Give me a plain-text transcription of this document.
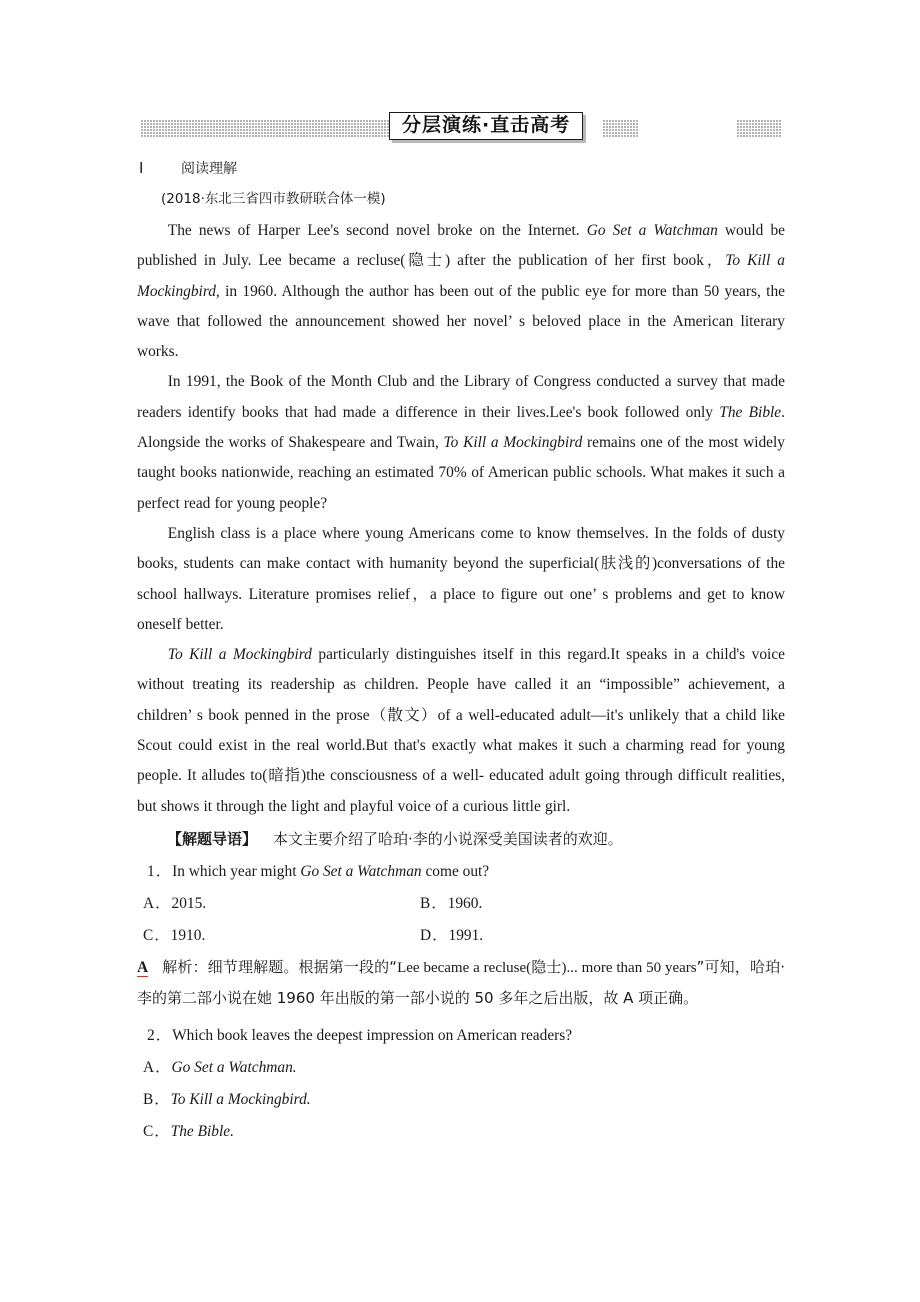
分层演练·直击高考
Ⅰ	阅读理解
(2018·东北三省四市教研联合体一模)

The news of Harper Lee's second novel broke on the Internet. Go Set a Watchman would be published in July. Lee became a recluse(隐士) after the publication of her first book，To Kill a Mockingbird, in 1960. Although the author has been out of the public eye for more than 50 years, the wave that followed the announcement showed her novel’ s beloved place in the American literary works.

In 1991, the Book of the Month Club and the Library of Congress conducted a survey that made readers identify books that had made a difference in their lives.Lee's book followed only The Bible. Alongside the works of Shakespeare and Twain, To Kill a Mockingbird remains one of the most widely taught books nationwide, reaching an estimated 70% of American public schools. What makes it such a perfect read for young people?

English class is a place where young Americans come to know themselves. In the folds of dusty books, students can make contact with humanity beyond the superficial(肤浅的)conversations of the school hallways. Literature promises relief，a place to figure out one’ s problems and get to know oneself better.

To Kill a Mockingbird particularly distinguishes itself in this regard.It speaks in a child's voice without treating its readership as children. People have called it an “impossible” achievement, a children’ s book penned in the prose（散文）of a well-educated adult—it's unlikely that a child like Scout could exist in the real world.But that's exactly what makes it such a charming read for young people. It alludes to(暗指)the consciousness of a well- educated adult going through difficult realities, but shows it through the light and playful voice of a curious little girl.

【解题导语】 本文主要介绍了哈珀·李的小说深受美国读者的欢迎。

1．In which year might Go Set a Watchman come out?

A．2015.	B．1960.
C．1910.	D．1991.

A 解析：细节理解题。根据第一段的“Lee became a recluse(隐士)... more than 50 years”可知，哈珀·李的第二部小说在她 1960 年出版的第一部小说的 50 多年之后出版，故 A 项正确。

2．Which book leaves the deepest impression on American readers?

A．Go Set a Watchman.

B．To Kill a Mockingbird.

C．The Bible.
